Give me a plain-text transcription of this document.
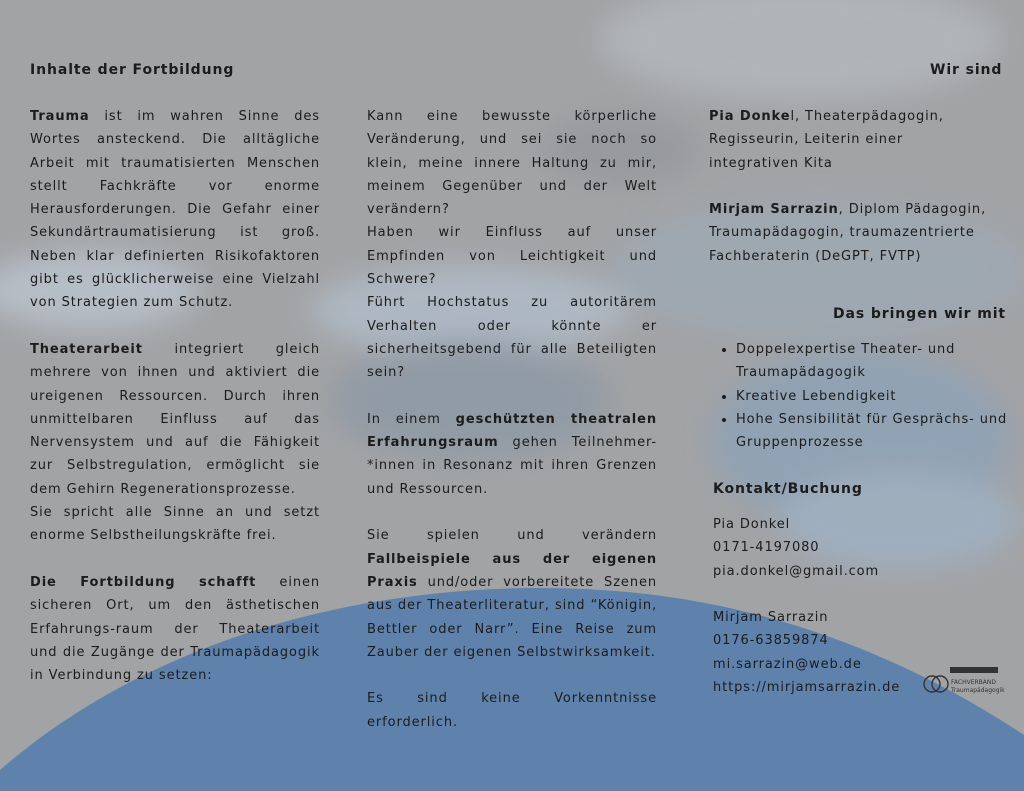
Inhalte der Fortbildung

Trauma ist im wahren Sinne des Wortes ansteckend. Die alltägliche Arbeit mit traumatisierten Menschen stellt Fachkräfte vor enorme Herausforderungen. Die Gefahr einer Sekundärtraumatisierung ist groß. Neben klar definierten Risikofaktoren gibt es glücklicherweise eine Vielzahl von Strategien zum Schutz.

Theaterarbeit integriert gleich mehrere von ihnen und aktiviert die ureigenen Ressourcen. Durch ihren unmittelbaren Einfluss auf das Nervensystem und auf die Fähigkeit zur Selbstregulation, ermöglicht sie dem Gehirn Regenerationsprozesse.

Sie spricht alle Sinne an und setzt enorme Selbstheilungskräfte frei.

Die Fortbildung schafft einen sicheren Ort, um den ästhetischen Erfahrungs-raum der Theaterarbeit und die Zugänge der Traumapädagogik in Verbindung zu setzen:

Kann eine bewusste körperliche Veränderung, und sei sie noch so klein, meine innere Haltung zu mir, meinem Gegenüber und der Welt verändern?

Haben wir Einfluss auf unser Empfinden von Leichtigkeit und Schwere?

Führt Hochstatus zu autoritärem Verhalten oder könnte er sicherheitsgebend für alle Beteiligten sein?

In einem geschützten theatralen Erfahrungsraum gehen Teilnehmer-*innen in Resonanz mit ihren Grenzen und Ressourcen.

Sie spielen und verändern Fallbeispiele aus der eigenen Praxis und/oder vorbereitete Szenen aus der Theaterliteratur, sind “Königin, Bettler oder Narr”. Eine Reise zum Zauber der eigenen Selbstwirksamkeit.

Es sind keine Vorkenntnisse erforderlich.

Wir sind

Pia Donkel, Theaterpädagogin, Regisseurin, Leiterin einer integrativen Kita

Mirjam Sarrazin, Diplom Pädagogin, Traumapädagogin, traumazentrierte Fachberaterin (DeGPT, FVTP)

Das bringen wir mit
• Doppelexpertise Theater- und Traumapädagogik
• Kreative Lebendigkeit
• Hohe Sensibilität für Gesprächs- und Gruppenprozesse
Kontakt/Buchung

Pia Donkel

0171-4197080

pia.donkel@gmail.com

Mirjam Sarrazin

0176-63859874

mi.sarrazin@web.de

https://mirjamsarrazin.de	FACHVERBAND
Traumapädagogik
